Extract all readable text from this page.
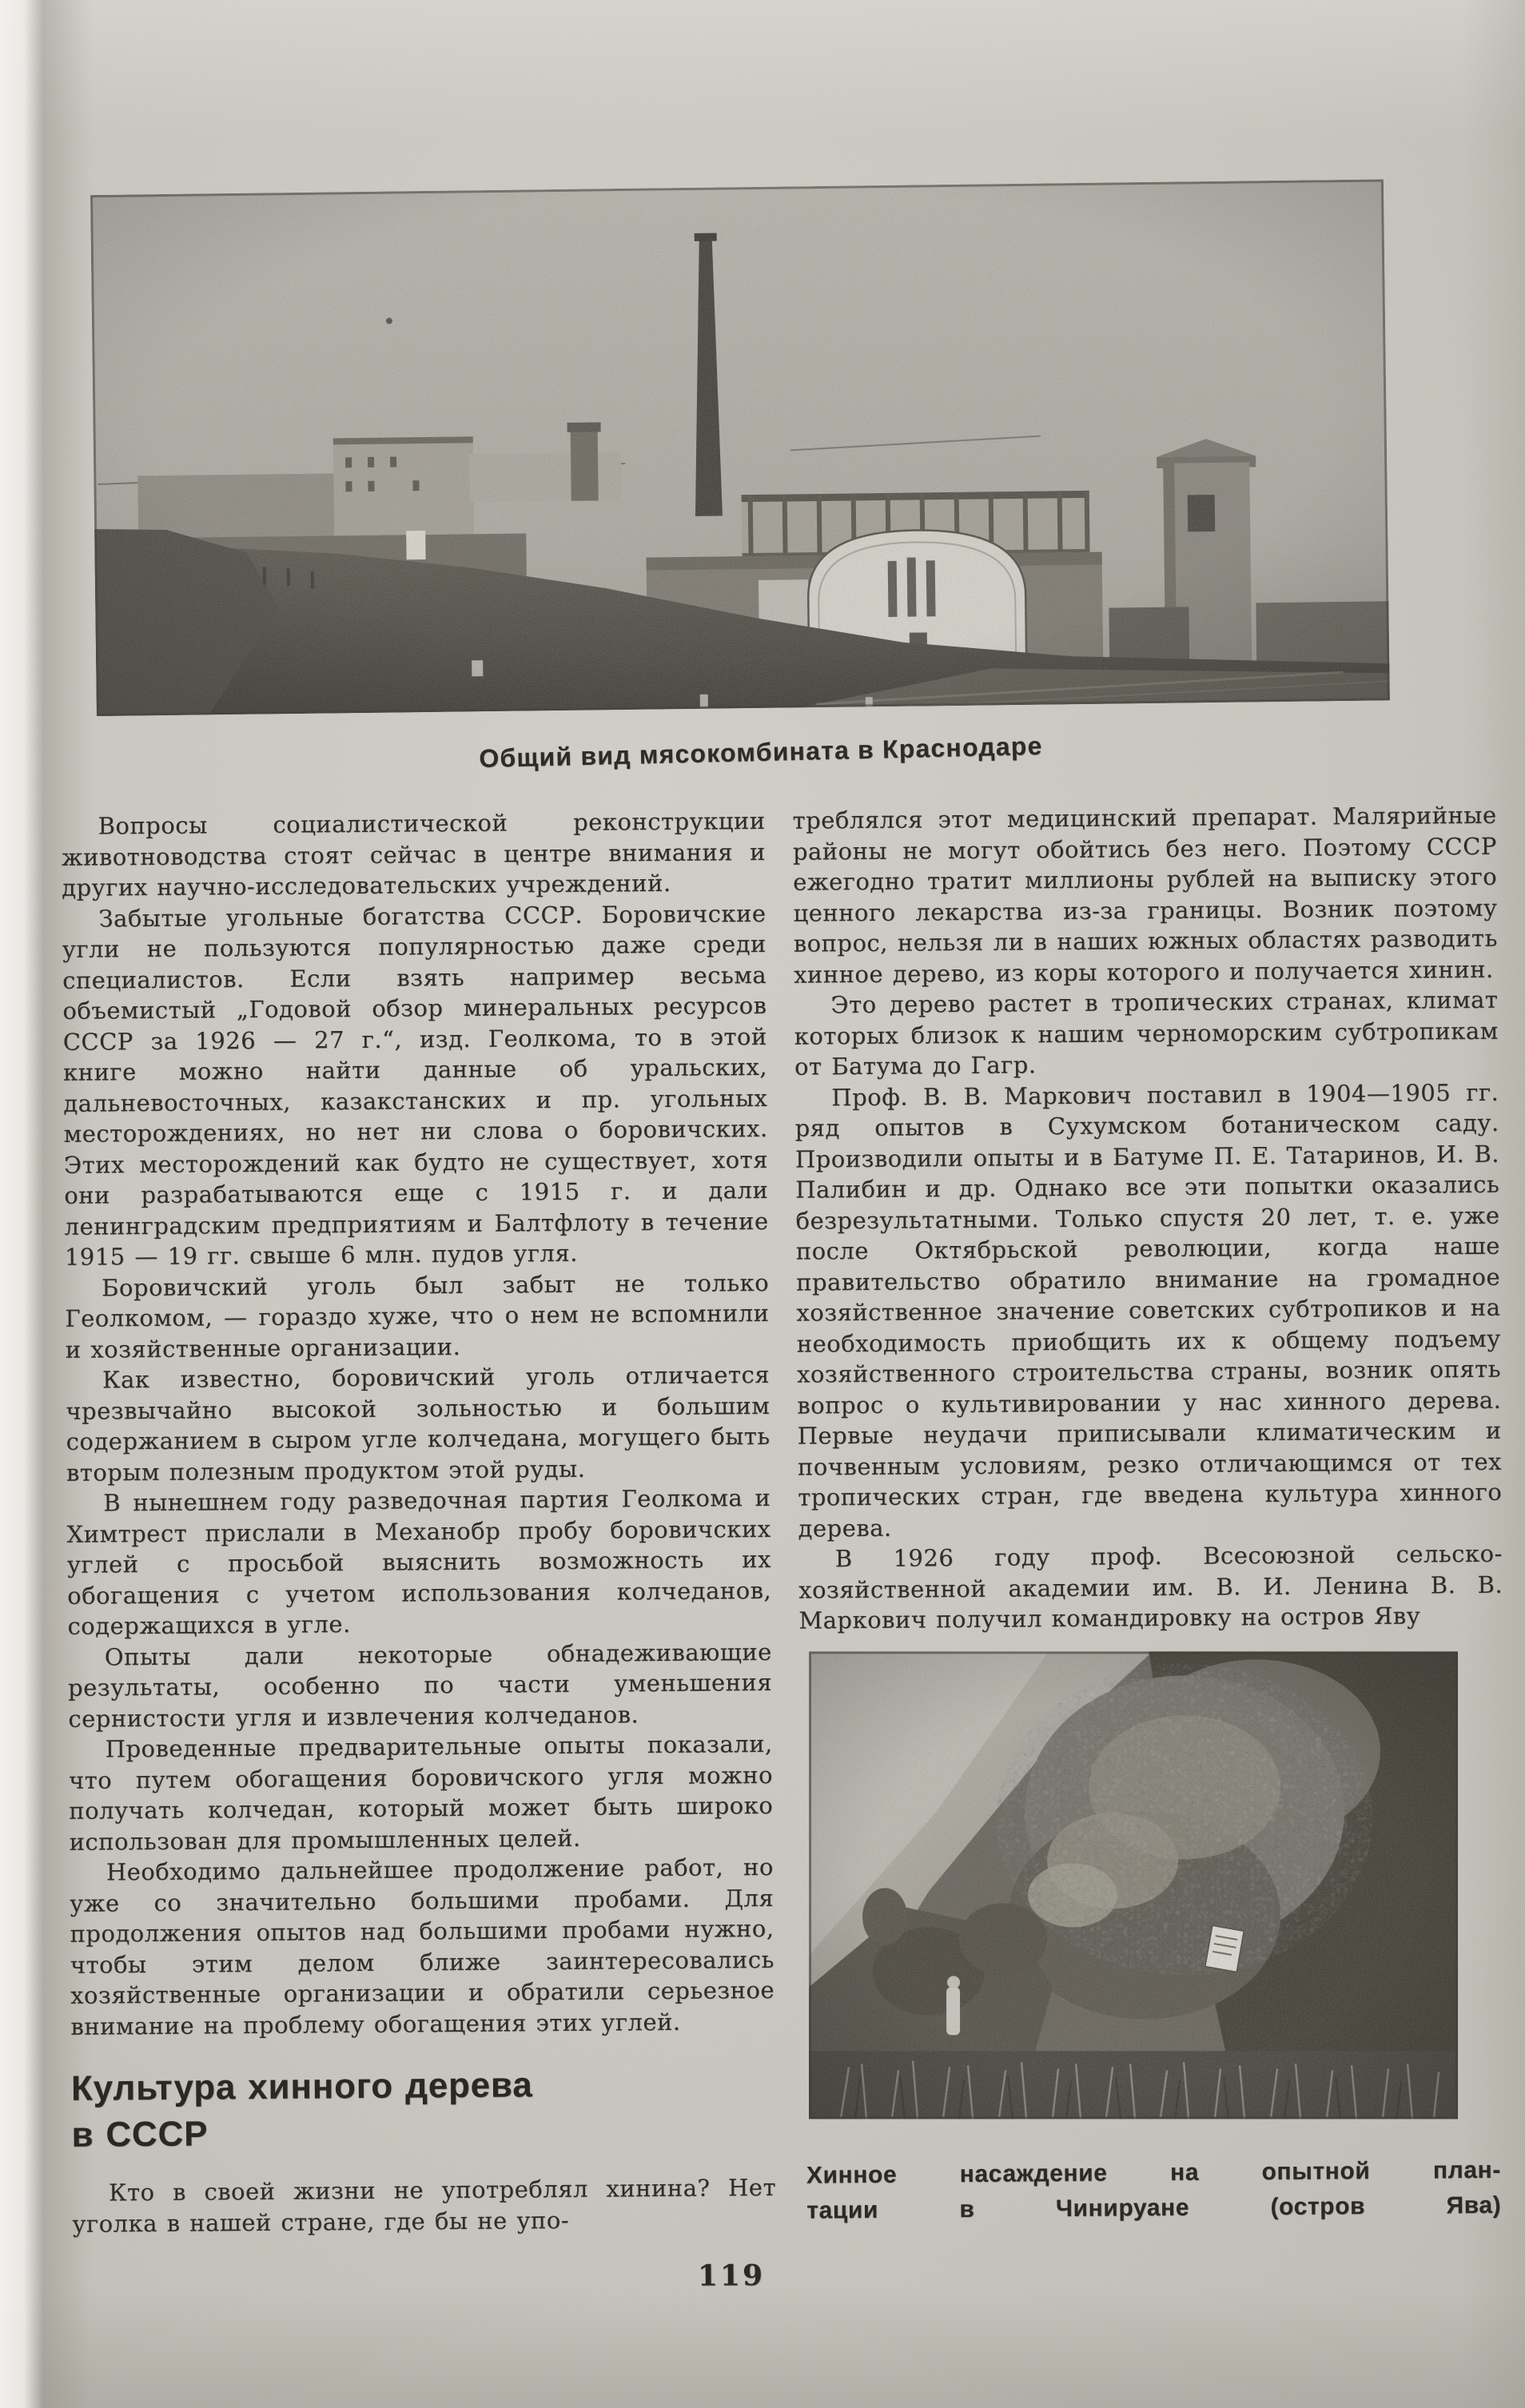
Общий вид мясокомбината в Краснодаре

Вопросы социалистической реконструкции животноводства стоят сейчас в центре внимания и других научно-исследовательских учреждений.

Забытые угольные богатства СССР. Боровичские угли не пользуются популярностью даже среди специалистов. Если взять например весьма объемистый „Годовой обзор минеральных ресурсов СССР за 1926 — 27 г.“, изд. Геолкома, то в этой книге можно найти данные об уральских, дальневосточных, казакстанских и пр. угольных месторождениях, но нет ни слова о боровичских. Этих месторождений как будто не существует, хотя они разрабатываются еще с 1915 г. и дали ленинградским предприятиям и Балтфлоту в течение 1915 — 19 гг. свыше 6 млн. пудов угля.

Боровичский уголь был забыт не только Геолкомом, — гораздо хуже, что о нем не вспомнили и хозяйственные организации.

Как известно, боровичский уголь отличается чрезвычайно высокой зольностью и большим содержанием в сыром угле колчедана, могущего быть вторым полезным продуктом этой руды.

В нынешнем году разведочная партия Геолкома и Химтрест прислали в Механобр пробу боровичских углей с просьбой выяснить возможность их обогащения с учетом использования колчеданов, содержащихся в угле.

Опыты дали некоторые обнадеживающие результаты, особенно по части уменьшения сернистости угля и извлечения колчеданов.

Проведенные предварительные опыты показали, что путем обогащения боровичского угля можно получать колчедан, который может быть широко использован для промышленных целей.

Необходимо дальнейшее продолжение работ, но уже со значительно большими пробами. Для продолжения опытов над большими пробами нужно, чтобы этим делом ближе заинтересовались хозяйственные организации и обратили серьезное внимание на проблему обогащения этих углей.

Культура хинного дерева
в СССР

Кто в своей жизни не употреблял хинина? Нет уголка в нашей стране, где бы не упо-

треблялся этот медицинский препарат. Малярийные районы не могут обойтись без него. Поэтому СССР ежегодно тратит миллионы рублей на выписку этого ценного лекарства из-за границы. Возник поэтому вопрос, нельзя ли в наших южных областях разводить хинное дерево, из коры которого и получается хинин.

Это дерево растет в тропических странах, климат которых близок к нашим черноморским субтропикам от Батума до Гагр.

Проф. В. В. Маркович поставил в 1904—1905 гг. ряд опытов в Сухумском ботаническом саду. Производили опыты и в Батуме П. Е. Татаринов, И. В. Палибин и др. Однако все эти попытки оказались безрезультатными. Только спустя 20 лет, т. е. уже после Октябрьской революции, когда наше правительство обратило внимание на громадное хозяйственное значение советских субтропиков и на необходимость приобщить их к общему подъему хозяйственного строительства страны, возник опять вопрос о культивировании у нас хинного дерева. Первые неудачи приписывали климатическим и почвенным условиям, резко отличающимся от тех тропических стран, где введена культура хинного дерева.

В 1926 году проф. Всесоюзной сельско-хозяйственной академии им. В. И. Ленина В. В. Маркович получил командировку на остров Яву

Хинное насаждение на опытной план-
тации в Чинируане (остров Ява)
119
